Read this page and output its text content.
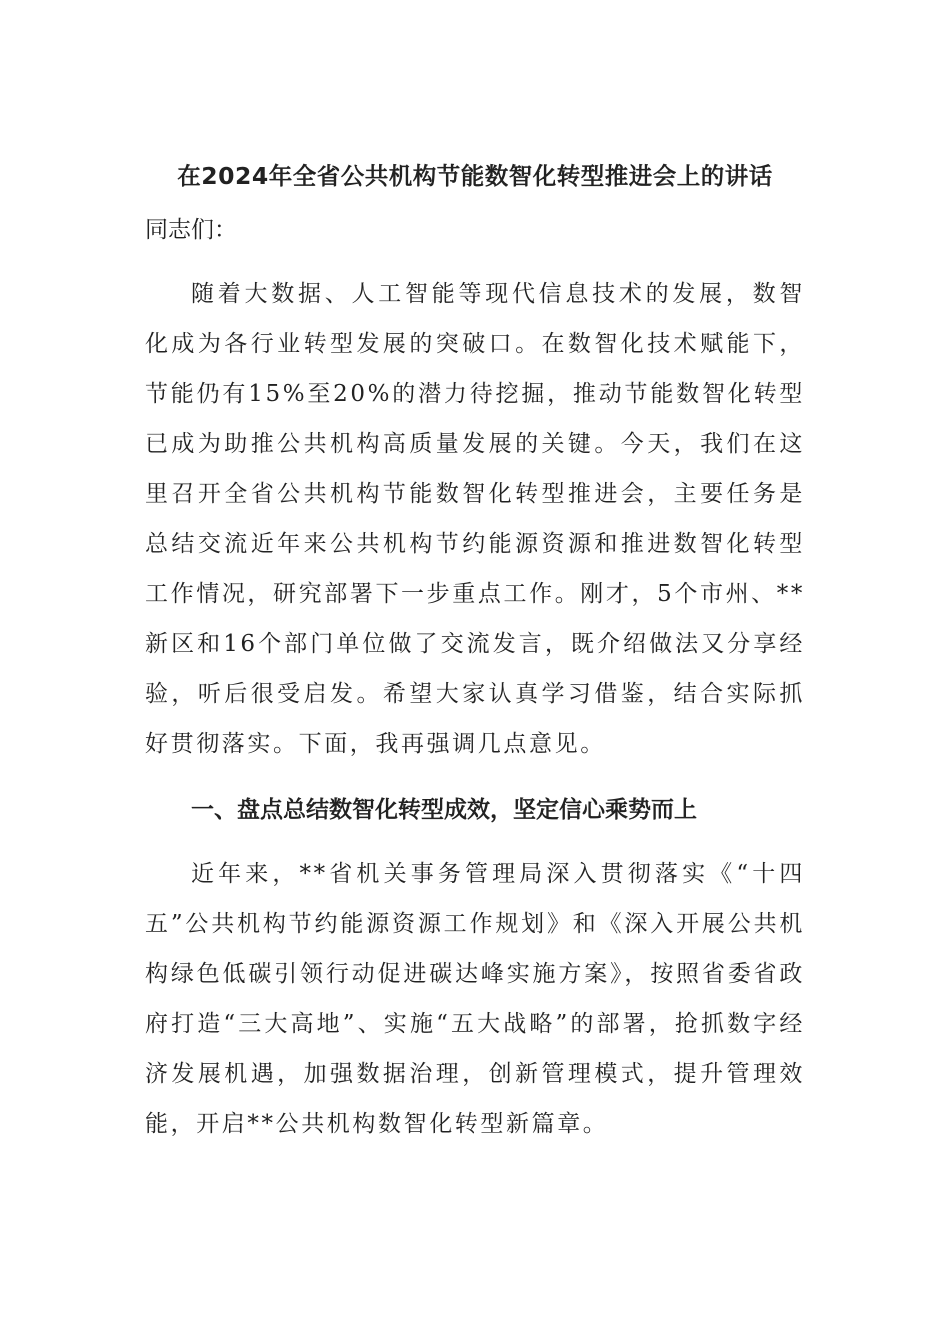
在2024年全省公共机构节能数智化转型推进会上的讲话

同志们：

随着大数据、人工智能等现代信息技术的发展，数智化成为各行业转型发展的突破口。在数智化技术赋能下，节能仍有15%至20%的潜力待挖掘，推动节能数智化转型已成为助推公共机构高质量发展的关键。今天，我们在这里召开全省公共机构节能数智化转型推进会，主要任务是总结交流近年来公共机构节约能源资源和推进数智化转型工作情况，研究部署下一步重点工作。刚才，5个市州、**新区和16个部门单位做了交流发言，既介绍做法又分享经验，听后很受启发。希望大家认真学习借鉴，结合实际抓好贯彻落实。下面，我再强调几点意见。

一、盘点总结数智化转型成效，坚定信心乘势而上

近年来，**省机关事务管理局深入贯彻落实《“十四五”公共机构节约能源资源工作规划》和《深入开展公共机构绿色低碳引领行动促进碳达峰实施方案》，按照省委省政府打造“三大高地”、实施“五大战略”的部署，抢抓数字经济发展机遇，加强数据治理，创新管理模式，提升管理效能，开启**公共机构数智化转型新篇章。
